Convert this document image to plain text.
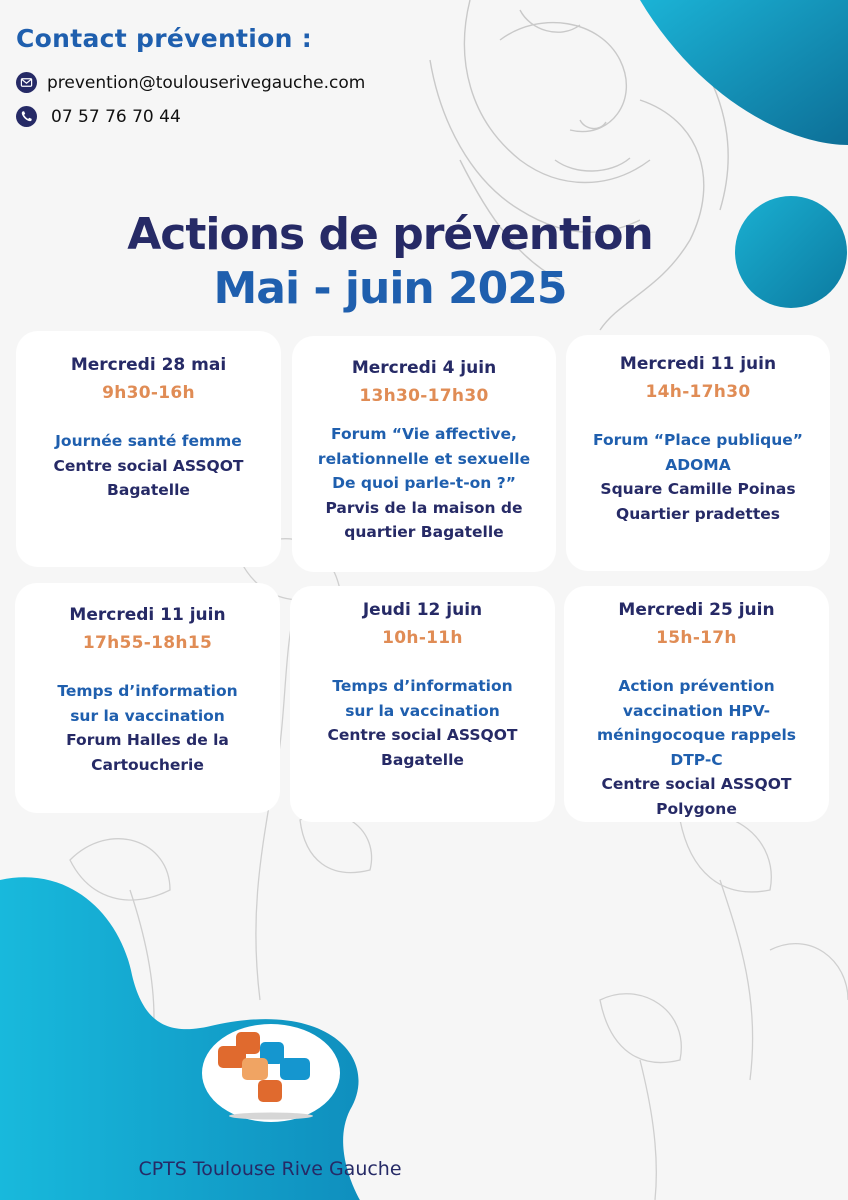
Contact prévention :
prevention@toulouserivegauche.com
07 57 76 70 44
Actions de prévention
Mai - juin 2025
Mercredi 28 mai
9h30-16h
Journée santé femme
Centre social ASSQOT
Bagatelle
Mercredi 4 juin
13h30-17h30
Forum “Vie affective,
relationnelle et sexuelle
De quoi parle-t-on ?”
Parvis de la maison de
quartier Bagatelle
Mercredi 11 juin
14h-17h30
Forum “Place publique”
ADOMA
Square Camille Poinas
Quartier pradettes
Mercredi 11 juin
17h55-18h15
Temps d’information
sur la vaccination
Forum Halles de la
Cartoucherie
Jeudi 12 juin
10h-11h
Temps d’information
sur la vaccination
Centre social ASSQOT
Bagatelle
Mercredi 25 juin
15h-17h
Action prévention
vaccination HPV-
méningocoque rappels
DTP-C
Centre social ASSQOT
Polygone

CPTS Toulouse Rive Gauche
